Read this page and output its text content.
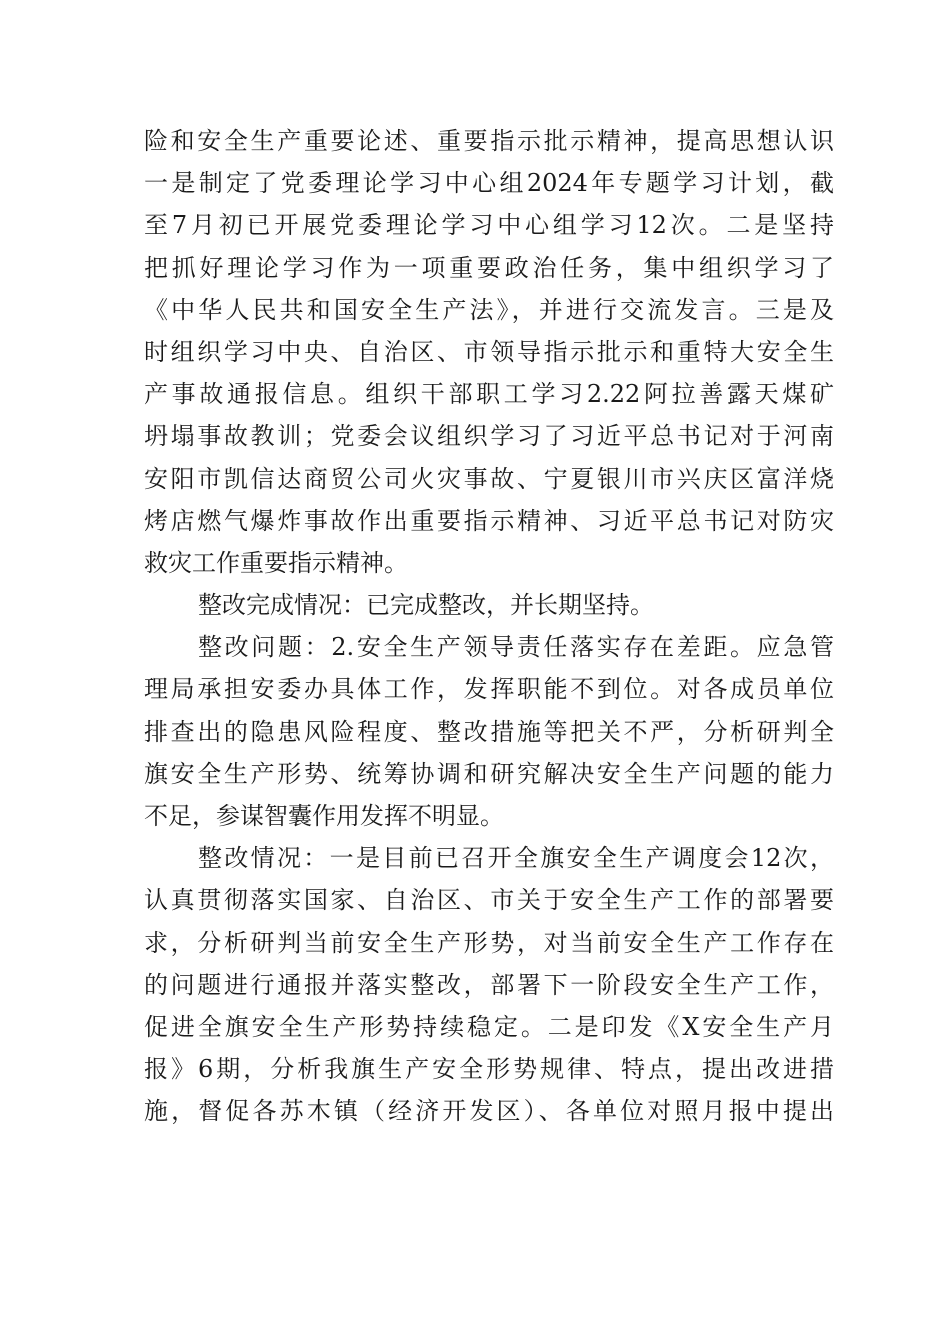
险和安全生产重要论述、重要指示批示精神，提高思想认识
一是制定了党委理论学习中心组2024年专题学习计划，截
至7月初已开展党委理论学习中心组学习12次。二是坚持
把抓好理论学习作为一项重要政治任务，集中组织学习了
《中华人民共和国安全生产法》，并进行交流发言。三是及
时组织学习中央、自治区、市领导指示批示和重特大安全生
产事故通报信息。组织干部职工学习2.22阿拉善露天煤矿
坍塌事故教训；党委会议组织学习了习近平总书记对于河南
安阳市凯信达商贸公司火灾事故、宁夏银川市兴庆区富洋烧
烤店燃气爆炸事故作出重要指示精神、习近平总书记对防灾
救灾工作重要指示精神。
整改完成情况：已完成整改，并长期坚持。
整改问题：2.安全生产领导责任落实存在差距。应急管
理局承担安委办具体工作，发挥职能不到位。对各成员单位
排查出的隐患风险程度、整改措施等把关不严，分析研判全
旗安全生产形势、统筹协调和研究解决安全生产问题的能力
不足，参谋智囊作用发挥不明显。
整改情况：一是目前已召开全旗安全生产调度会12次，
认真贯彻落实国家、自治区、市关于安全生产工作的部署要
求，分析研判当前安全生产形势，对当前安全生产工作存在
的问题进行通报并落实整改，部署下一阶段安全生产工作，
促进全旗安全生产形势持续稳定。二是印发《X安全生产月
报》6期，分析我旗生产安全形势规律、特点，提出改进措
施，督促各苏木镇（经济开发区）、各单位对照月报中提出
